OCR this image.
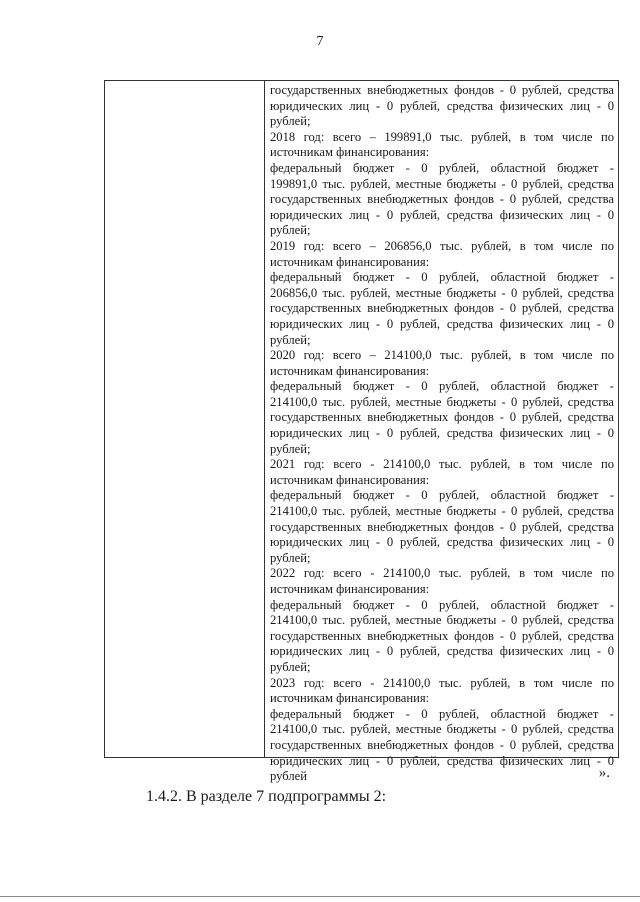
7
государственных внебюджетных фондов - 0 рублей, средства
юридических лиц - 0 рублей, средства физических лиц - 0
рублей;
2018 год: всего – 199891,0 тыс. рублей, в том числе по
источникам финансирования:
федеральный бюджет - 0 рублей, областной бюджет -
199891,0 тыс. рублей, местные бюджеты - 0 рублей, средства
государственных внебюджетных фондов - 0 рублей, средства
юридических лиц - 0 рублей, средства физических лиц - 0
рублей;
2019 год: всего – 206856,0 тыс. рублей, в том числе по
источникам финансирования:
федеральный бюджет - 0 рублей, областной бюджет -
206856,0 тыс. рублей, местные бюджеты - 0 рублей, средства
государственных внебюджетных фондов - 0 рублей, средства
юридических лиц - 0 рублей, средства физических лиц - 0
рублей;
2020 год: всего – 214100,0 тыс. рублей, в том числе по
источникам финансирования:
федеральный бюджет - 0 рублей, областной бюджет -
214100,0 тыс. рублей, местные бюджеты - 0 рублей, средства
государственных внебюджетных фондов - 0 рублей, средства
юридических лиц - 0 рублей, средства физических лиц - 0
рублей;
2021 год: всего - 214100,0 тыс. рублей, в том числе по
источникам финансирования:
федеральный бюджет - 0 рублей, областной бюджет -
214100,0 тыс. рублей, местные бюджеты - 0 рублей, средства
государственных внебюджетных фондов - 0 рублей, средства
юридических лиц - 0 рублей, средства физических лиц - 0
рублей;
2022 год: всего - 214100,0 тыс. рублей, в том числе по
источникам финансирования:
федеральный бюджет - 0 рублей, областной бюджет -
214100,0 тыс. рублей, местные бюджеты - 0 рублей, средства
государственных внебюджетных фондов - 0 рублей, средства
юридических лиц - 0 рублей, средства физических лиц - 0
рублей;
2023 год: всего - 214100,0 тыс. рублей, в том числе по
источникам финансирования:
федеральный бюджет - 0 рублей, областной бюджет -
214100,0 тыс. рублей, местные бюджеты - 0 рублей, средства
государственных внебюджетных фондов - 0 рублей, средства
юридических лиц - 0 рублей, средства физических лиц - 0
рублей	».
1.4.2. В разделе 7 подпрограммы 2:
